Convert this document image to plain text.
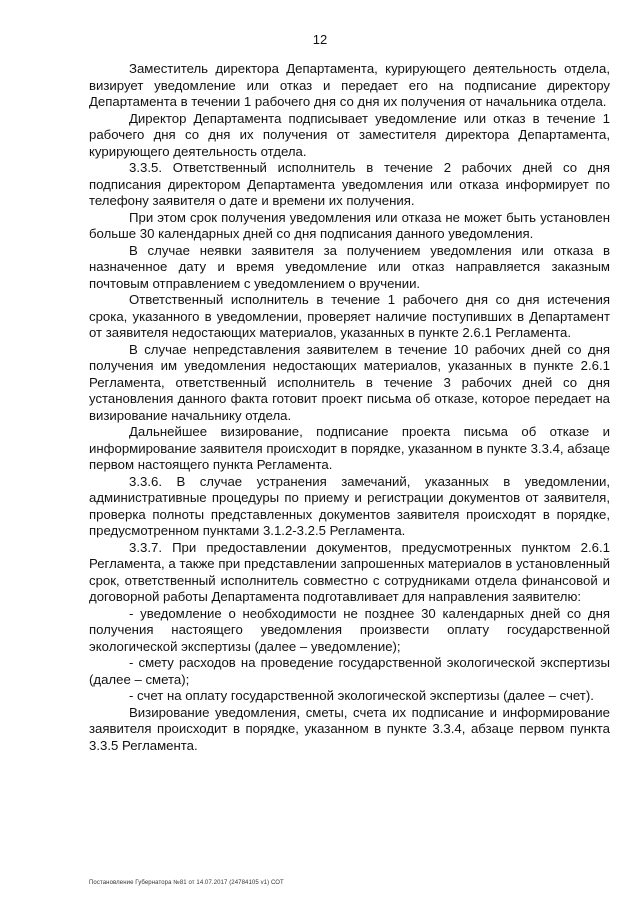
12

Заместитель директора Департамента, курирующего деятельность отдела, визирует уведомление или отказ и передает его на подписание директору Департамента в течении 1 рабочего дня со дня их получения от начальника отдела.

Директор Департамента подписывает уведомление или отказ в течение 1 рабочего дня со дня их получения от заместителя директора Департамента, курирующего деятельность отдела.

3.3.5. Ответственный исполнитель в течение 2 рабочих дней со дня подписания директором Департамента уведомления или отказа информирует по телефону заявителя о дате и времени их получения.

При этом срок получения уведомления или отказа не может быть установлен больше 30 календарных дней со дня подписания данного уведомления.

В случае неявки заявителя за получением уведомления или отказа в назначенное дату и время уведомление или отказ направляется заказным почтовым отправлением с уведомлением о вручении.

Ответственный исполнитель в течение 1 рабочего дня со дня истечения срока, указанного в уведомлении, проверяет наличие поступивших в Департамент от заявителя недостающих материалов, указанных в пункте 2.6.1 Регламента.

В случае непредставления заявителем в течение 10 рабочих дней со дня получения им уведомления недостающих материалов, указанных в пункте 2.6.1 Регламента, ответственный исполнитель в течение 3 рабочих дней со дня установления данного факта готовит проект письма об отказе, которое передает на визирование начальнику отдела.

Дальнейшее визирование, подписание проекта письма об отказе и информирование заявителя происходит в порядке, указанном в пункте 3.3.4, абзаце первом настоящего пункта Регламента.

3.3.6. В случае устранения замечаний, указанных в уведомлении, административные процедуры по приему и регистрации документов от заявителя, проверка полноты представленных документов заявителя происходят в порядке, предусмотренном пунктами 3.1.2-3.2.5 Регламента.

3.3.7. При предоставлении документов, предусмотренных пунктом 2.6.1 Регламента, а также при представлении запрошенных материалов в установленный срок, ответственный исполнитель совместно с сотрудниками отдела финансовой и договорной работы Департамента подготавливает для направления заявителю:

- уведомление о необходимости не позднее 30 календарных дней со дня получения настоящего уведомления произвести оплату государственной экологической экспертизы (далее – уведомление);

- смету расходов на проведение государственной экологической экспертизы (далее – смета);

- счет на оплату государственной экологической экспертизы (далее – счет).

Визирование уведомления, сметы, счета их подписание и информирование заявителя происходит в порядке, указанном в пункте 3.3.4, абзаце первом пункта 3.3.5 Регламента.

Постановление Губернатора №81 от 14.07.2017 (24784105 v1) СОТ
